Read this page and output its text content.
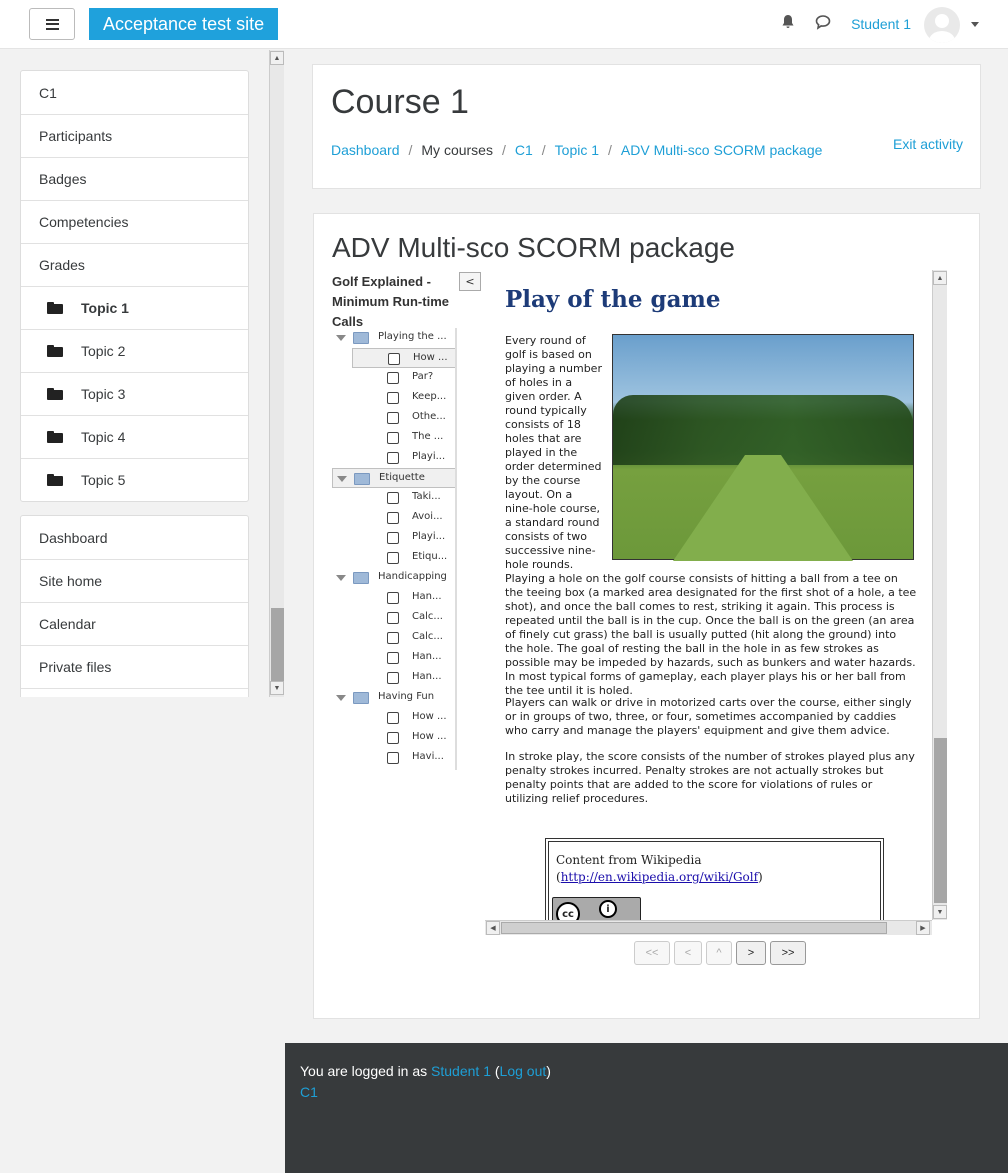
Acceptance test site	Student 1
C1
Participants
Badges
Competencies
Grades
Topic 1
Topic 2
Topic 3
Topic 4
Topic 5
Dashboard
Site home
Calendar
Private files
▲
▼
Course 1
Dashboard / My courses / C1 / Topic 1 / ADV Multi-sco SCORM package	Exit activity
ADV Multi-sco SCORM package
Golf Explained - Minimum Run-time Calls
<
Playing the ...
How ...
Par?
Keep...
Othe...
The ...
Playi...
Etiquette
Taki...
Avoi...
Playi...
Etiqu...
Handicapping
Han...
Calc...
Calc...
Han...
Han...
Having Fun
How ...
How ...
Havi...
Play of the game
Every round of golf is based on playing a number of holes in a given order. A round typically consists of 18 holes that are played in the order determined by the course layout. On a nine-hole course, a standard round consists of two successive nine-hole rounds.
Playing a hole on the golf course consists of hitting a ball from a tee on the teeing box (a marked area designated for the first shot of a hole, a tee shot), and once the ball comes to rest, striking it again. This process is repeated until the ball is in the cup. Once the ball is on the green (an area of finely cut grass) the ball is usually putted (hit along the ground) into the hole. The goal of resting the ball in the hole in as few strokes as possible may be impeded by hazards, such as bunkers and water hazards. In most typical forms of gameplay, each player plays his or her ball from the tee until it is holed.
Players can walk or drive in motorized carts over the course, either singly or in groups of two, three, or four, sometimes accompanied by caddies who carry and manage the players' equipment and give them advice.
In stroke play, the score consists of the number of strokes played plus any penalty strokes incurred. Penalty strokes are not actually strokes but penalty points that are added to the score for violations of rules or utilizing relief procedures.
Content from Wikipedia
(http://en.wikipedia.org/wiki/Golf)
cc	i
▲
▼
◀	▶
<<	<	^	>	>>
You are logged in as Student 1 (Log out)
C1
